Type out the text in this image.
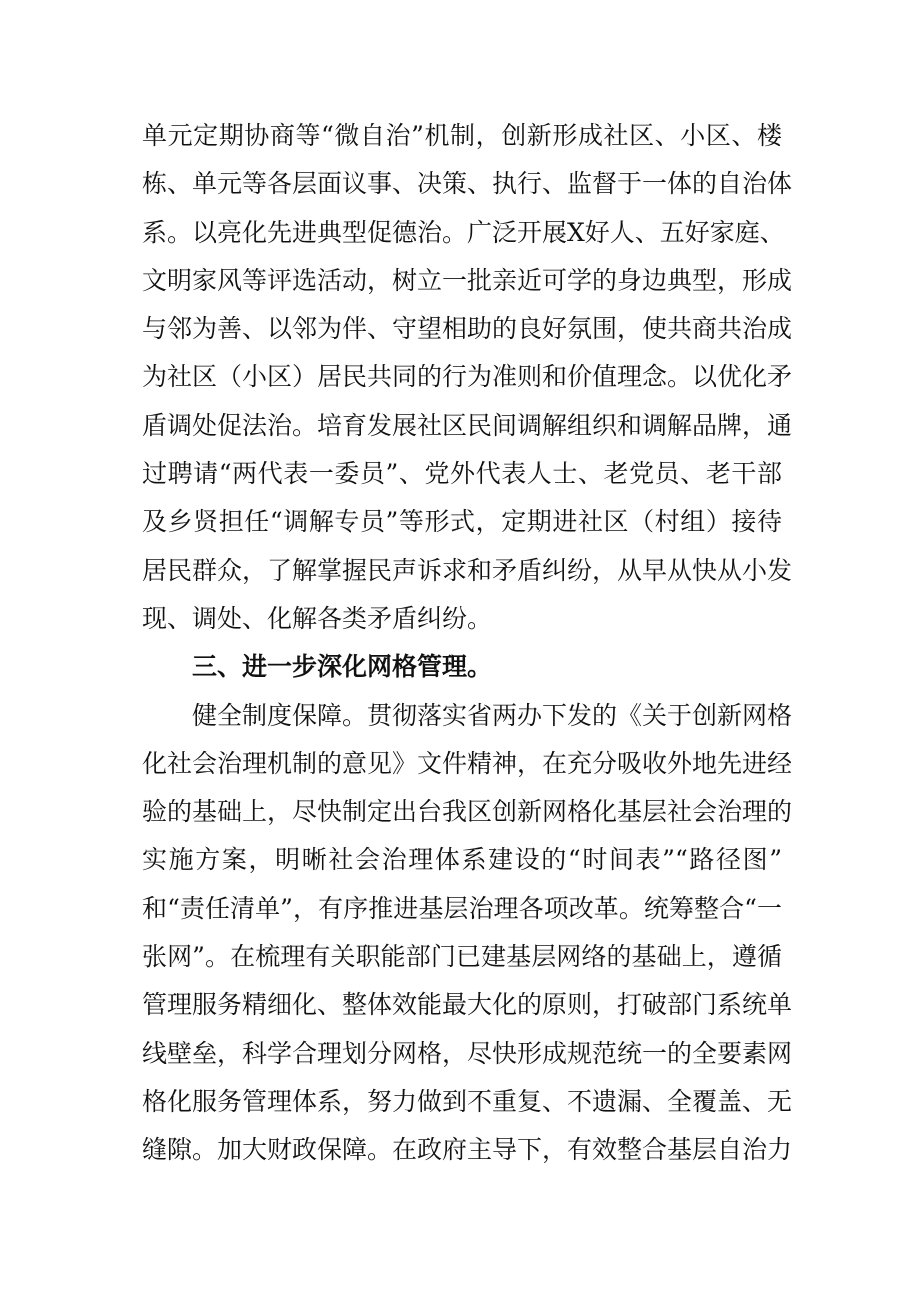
单元定期协商等“微自治”机制，创新形成社区、小区、楼
栋、单元等各层面议事、决策、执行、监督于一体的自治体
系。以亮化先进典型促德治。广泛开展X好人、五好家庭、
文明家风等评选活动，树立一批亲近可学的身边典型，形成
与邻为善、以邻为伴、守望相助的良好氛围，使共商共治成
为社区（小区）居民共同的行为准则和价值理念。以优化矛
盾调处促法治。培育发展社区民间调解组织和调解品牌，通
过聘请“两代表一委员”、党外代表人士、老党员、老干部
及乡贤担任“调解专员”等形式，定期进社区（村组）接待
居民群众，了解掌握民声诉求和矛盾纠纷，从早从快从小发
现、调处、化解各类矛盾纠纷。
三、进一步深化网格管理。
健全制度保障。贯彻落实省两办下发的《关于创新网格
化社会治理机制的意见》文件精神，在充分吸收外地先进经
验的基础上，尽快制定出台我区创新网格化基层社会治理的
实施方案，明晰社会治理体系建设的“时间表”“路径图”
和“责任清单”，有序推进基层治理各项改革。统筹整合“一
张网”。在梳理有关职能部门已建基层网络的基础上，遵循
管理服务精细化、整体效能最大化的原则，打破部门系统单
线壁垒，科学合理划分网格，尽快形成规范统一的全要素网
格化服务管理体系，努力做到不重复、不遗漏、全覆盖、无
缝隙。加大财政保障。在政府主导下，有效整合基层自治力
